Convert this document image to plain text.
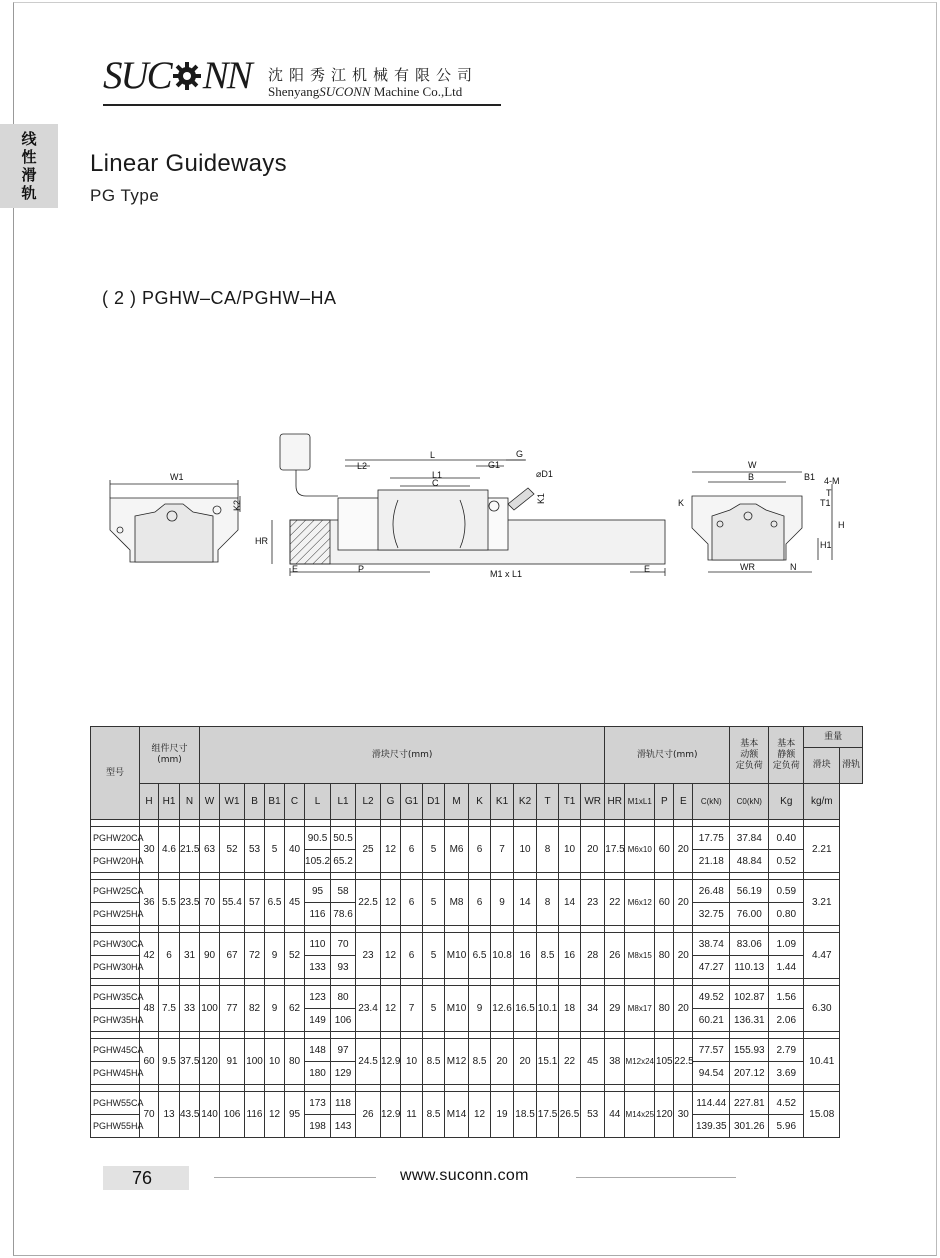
线
性
滑
轨
SUC NN 沈阳秀江机械有限公司
ShenyangSUCONN Machine Co.,Ltd
Linear Guideways
PG Type
( 2 ) PGHW–CA/PGHW–HA
W1
K2
E	P
L
L2
L1
C
G1
G
⌀D1
K1
M1 x L1	E
HR
W
B	B1 4-M
K	T1
T
H
H1
WR	N
型号	组件尺寸
(mm)			滑块尺寸(mm)																		滑轨尺寸(mm)					基本
动额
定负荷	基本
静额
定负荷	重量	
																													滑块	滑轨
	H	H1	N	W	W1	B	B1	C	L	L1	L2	G	G1	D1	M	K	K1	K2	T	T1	WR	HR	M1xL1	P	E	C(kN)	C0(kN)	Kg	kg/m	

PGHW20CA	30	4.6	21.5	63	52	53	5	40	90.5	50.5	25	12	6	5	M6	6	7	10	8	10	20	17.5	M6x10	60	20	17.75	37.84	0.40	2.21	
PGHW20HA									105.2	65.2																21.18	48.84	0.52		

PGHW25CA	36	5.5	23.5	70	55.4	57	6.5	45	95	58	22.5	12	6	5	M8	6	9	14	8	14	23	22	M6x12	60	20	26.48	56.19	0.59	3.21	
PGHW25HA									116	78.6																32.75	76.00	0.80		

PGHW30CA	42	6	31	90	67	72	9	52	110	70	23	12	6	5	M10	6.5	10.8	16	8.5	16	28	26	M8x15	80	20	38.74	83.06	1.09	4.47	
PGHW30HA									133	93																47.27	110.13	1.44		

PGHW35CA	48	7.5	33	100	77	82	9	62	123	80	23.4	12	7	5	M10	9	12.6	16.5	10.1	18	34	29	M8x17	80	20	49.52	102.87	1.56	6.30	
PGHW35HA									149	106																60.21	136.31	2.06		

PGHW45CA	60	9.5	37.5	120	91	100	10	80	148	97	24.5	12.9	10	8.5	M12	8.5	20	20	15.1	22	45	38	M12x24	105	22.5	77.57	155.93	2.79	10.41	
PGHW45HA									180	129																94.54	207.12	3.69		

PGHW55CA	70	13	43.5	140	106	116	12	95	173	118	26	12.9	11	8.5	M14	12	19	18.5	17.5	26.5	53	44	M14x25	120	30	114.44	227.81	4.52	15.08	
PGHW55HA									198	143																139.35	301.26	5.96		
76	www.suconn.com
